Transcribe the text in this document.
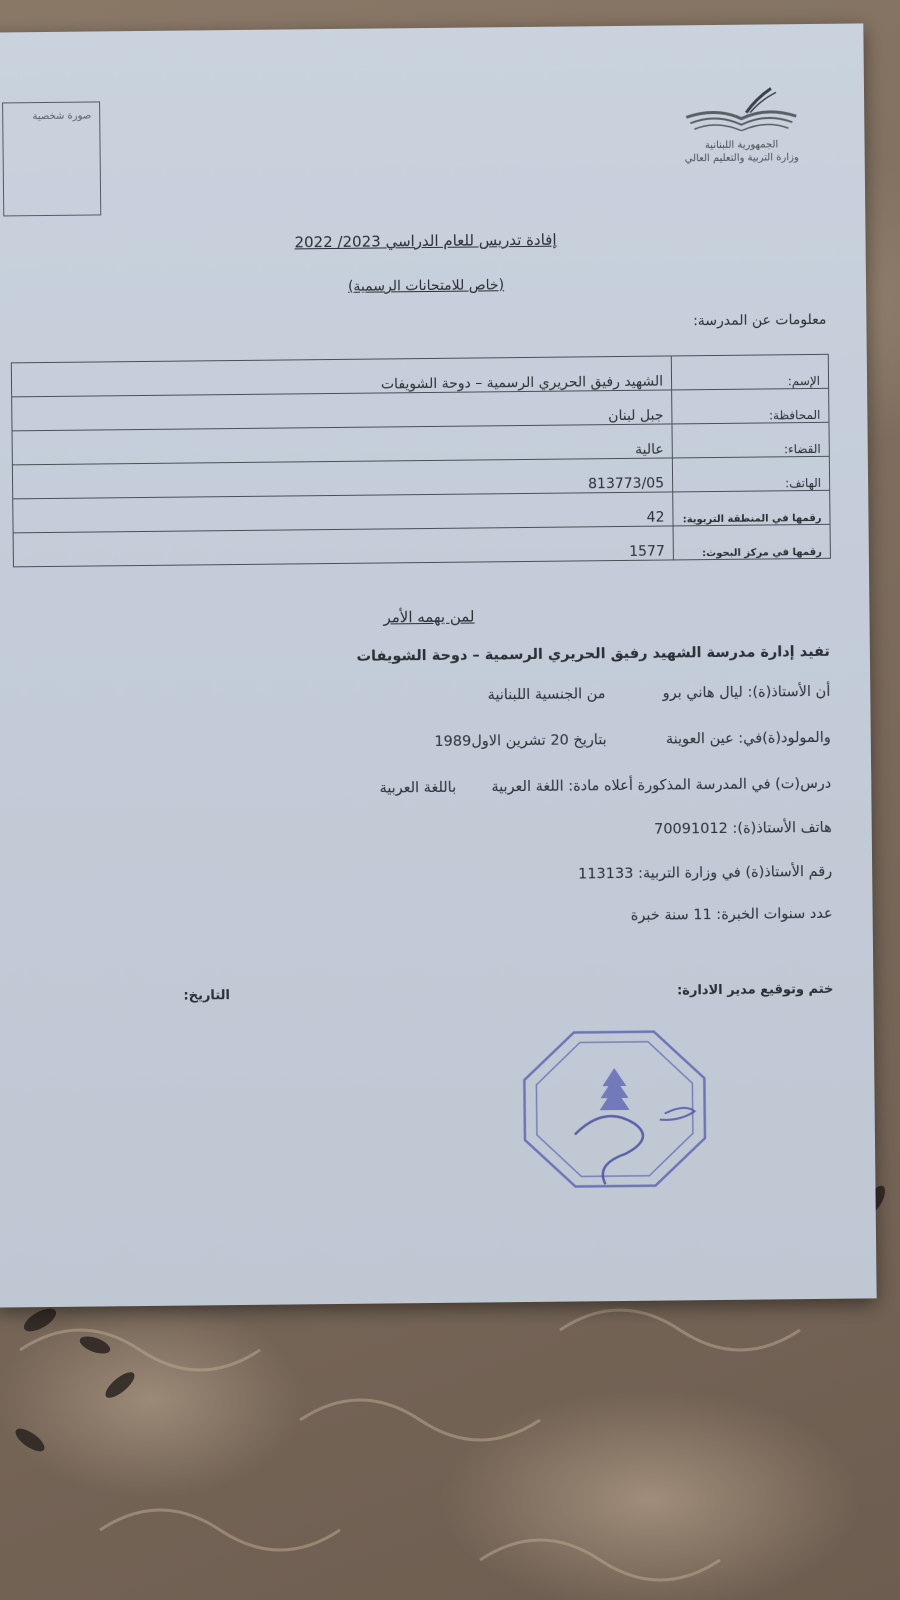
صورة شخصية
الجمهورية اللبنانية
وزارة التربية والتعليم العالي
إفادة تدريس للعام الدراسي 2023/ 2022
(خاص للامتحانات الرسمية)
معلومات عن المدرسة:
الإسم:	الشهيد رفيق الحريري الرسمية – دوحة الشويفات
المحافظة:	جبل لبنان
القضاء:	عالية
الهاتف:	813773/05
رقمها في المنطقة التربوية:	42
رقمها في مركز البحوث:	1577
لمن يهمه الأمر
تفيد إدارة مدرسة الشهيد رفيق الحريري الرسمية – دوحة الشويفات
أن الأستاذ(ة): ليال هاني برو  من الجنسية اللبنانية
والمولود(ة)في: عين العوينة  بتاريخ 20 تشرين الاول1989
درس(ت) في المدرسة المذكورة أعلاه مادة: اللغة العربية  باللغة العربية
هاتف الأستاذ(ة): 70091012
رقم الأستاذ(ة) في وزارة التربية: 113133
عدد سنوات الخبرة: 11 سنة خبرة
ختم وتوقيع مدير الادارة:
التاريخ:
